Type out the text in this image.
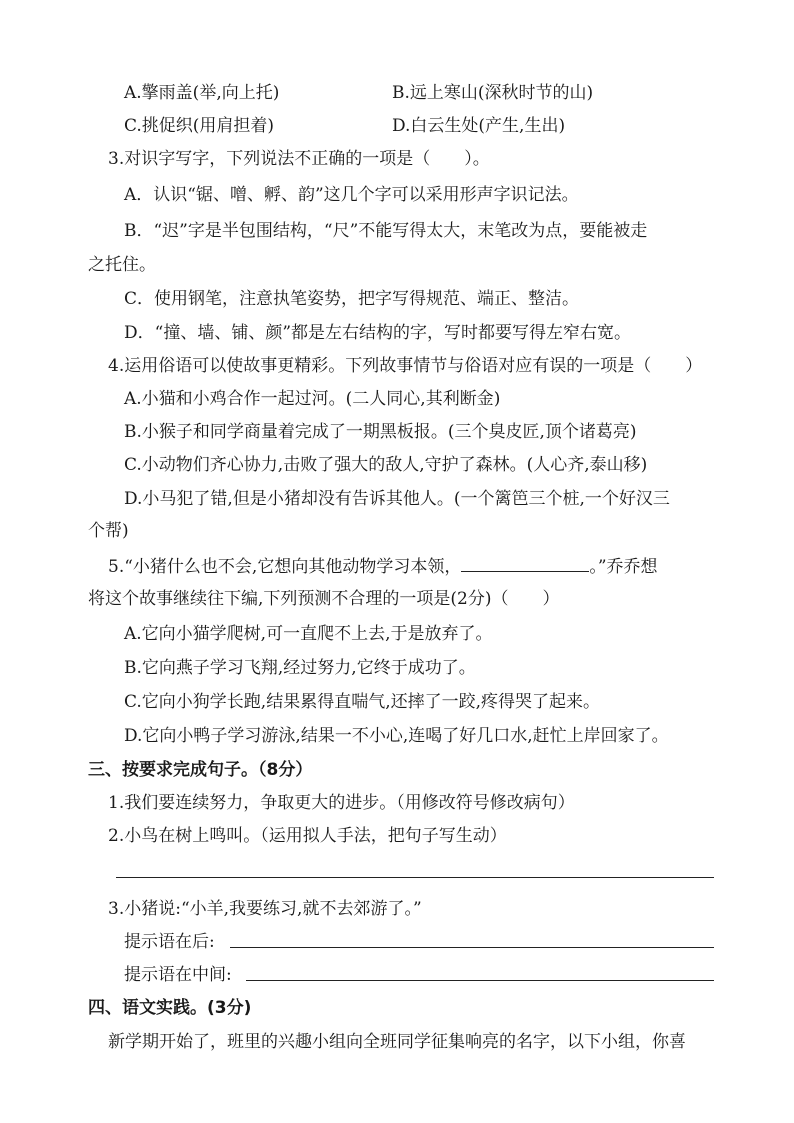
A.擎雨盖(举,向上托)	B.远上寒山(深秋时节的山)
C.挑促织(用肩担着)	D.白云生处(产生,生出)
3.对识字写字，下列说法不正确的一项是（　　）。
A．认识“锯、噌、孵、韵”这几个字可以采用形声字识记法。
B．“迟”字是半包围结构，“尺”不能写得太大，末笔改为点，要能被走
之托住。
C．使用钢笔，注意执笔姿势，把字写得规范、端正、整洁。
D．“撞、墙、铺、颜”都是左右结构的字，写时都要写得左窄右宽。
4.运用俗语可以使故事更精彩。下列故事情节与俗语对应有误的一项是（　　）
A.小猫和小鸡合作一起过河。(二人同心,其利断金)
B.小猴子和同学商量着完成了一期黑板报。(三个臭皮匠,顶个诸葛亮)
C.小动物们齐心协力,击败了强大的敌人,守护了森林。(人心齐,泰山移)
D.小马犯了错,但是小猪却没有告诉其他人。(一个篱笆三个桩,一个好汉三
个帮)
5.“小猪什么也不会,它想向其他动物学习本领，	。”乔乔想
将这个故事继续往下编,下列预测不合理的一项是(2分)（　　）
A.它向小猫学爬树,可一直爬不上去,于是放弃了。
B.它向燕子学习飞翔,经过努力,它终于成功了。
C.它向小狗学长跑,结果累得直喘气,还摔了一跤,疼得哭了起来。
D.它向小鸭子学习游泳,结果一不小心,连喝了好几口水,赶忙上岸回家了。
三、按要求完成句子。（8分）
1.我们要连续努力，争取更大的进步。（用修改符号修改病句）
2.小鸟在树上鸣叫。（运用拟人手法，把句子写生动）
3.小猪说:“小羊,我要练习,就不去郊游了。”
提示语在后:
提示语在中间:
四、语文实践。(3分)
新学期开始了，班里的兴趣小组向全班同学征集响亮的名字，以下小组，你喜
